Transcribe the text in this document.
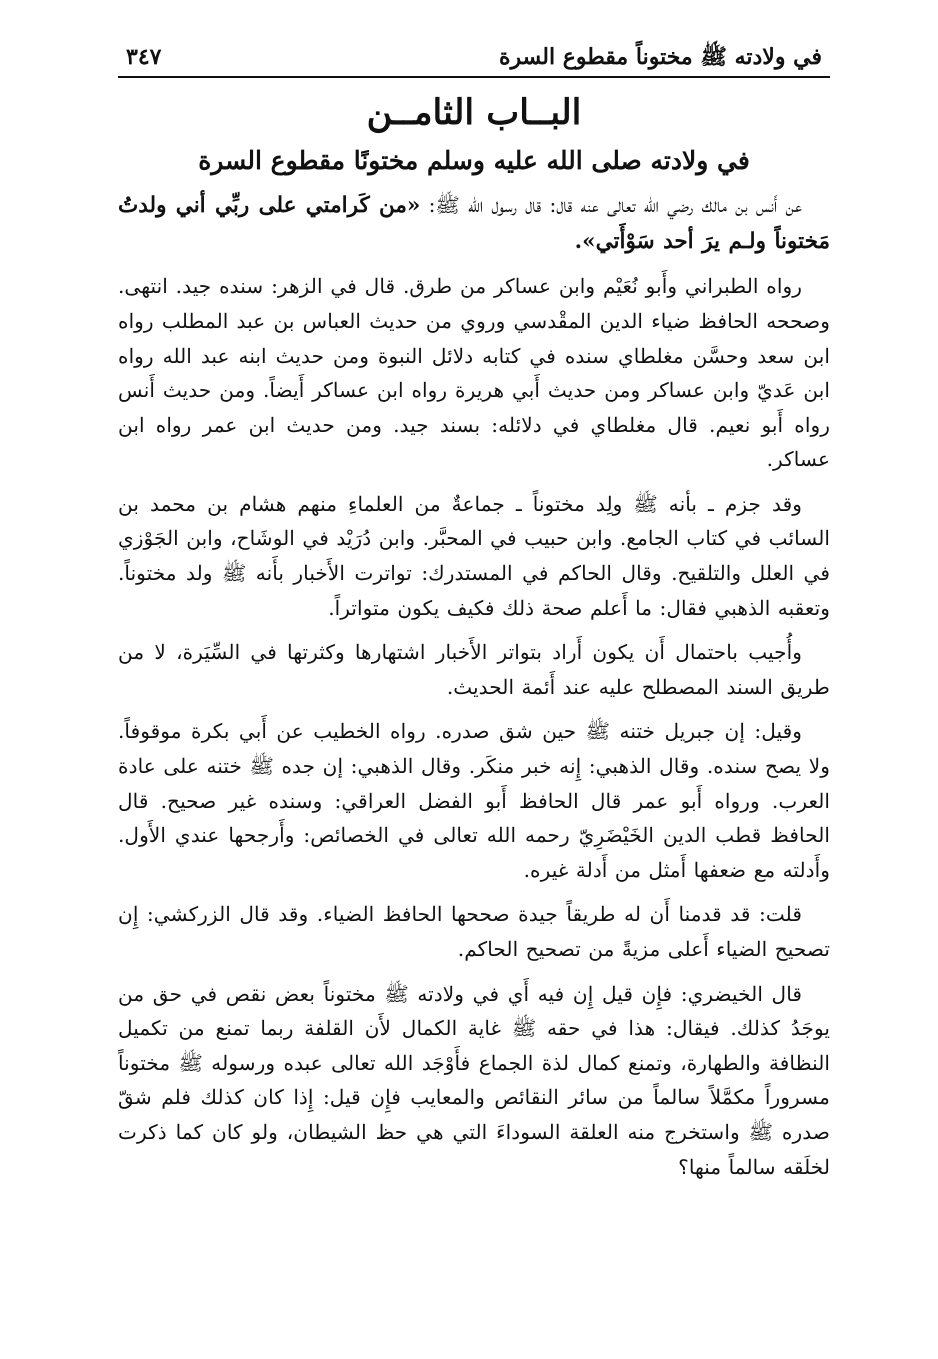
في ولادته ﷺ مختوناً مقطوع السرة
٣٤٧
البــاب الثامــن
في ولادته صلى الله عليه وسلم مختونًا مقطوع السرة

عن أَنس بن مالك رضي الله تعالى عنه قال: قال رسول الله ﷺ: «من كَرامتي على ربِّي أني ولدتُ مَختوناً ولـم يرَ أحد سَوْأَتي».

رواه الطبراني وأَبو نُعَيْم وابن عساكر من طرق. قال في الزهر: سنده جيد. انتهى. وصححه الحافظ ضياء الدين المقْدسي وروي من حديث العباس بن عبد المطلب رواه ابن سعد وحسَّن مغلطاي سنده في كتابه دلائل النبوة ومن حديث ابنه عبد الله رواه ابن عَديّ وابن عساكر ومن حديث أَبي هريرة رواه ابن عساكر أَيضاً. ومن حديث أَنس رواه أَبو نعيم. قال مغلطاي في دلائله: بسند جيد. ومن حديث ابن عمر رواه ابن عساكر.

وقد جزم ـ بأنه ﷺ ولِد مختوناً ـ جماعةٌ من العلماءِ منهم هشام بن محمد بن السائب في كتاب الجامع. وابن حبيب في المحبَّر. وابن دُرَيْد في الوشَاح، وابن الجَوْزي في العلل والتلقيح. وقال الحاكم في المستدرك: تواترت الأَخبار بأَنه ﷺ ولد مختوناً. وتعقبه الذهبي فقال: ما أَعلم صحة ذلك فكيف يكون متواتراً.

وأُجيب باحتمال أَن يكون أَراد بتواتر الأَخبار اشتهارها وكثرتها في السِّيَرة، لا من طريق السند المصطلح عليه عند أَئمة الحديث.

وقيل: إن جبريل ختنه ﷺ حين شق صدره. رواه الخطيب عن أَبي بكرة موقوفاً. ولا يصح سنده. وقال الذهبي: إِنه خبر منكَر. وقال الذهبي: إن جده ﷺ ختنه على عادة العرب. ورواه أَبو عمر قال الحافظ أَبو الفضل العراقي: وسنده غير صحيح. قال الحافظ قطب الدين الخَيْضَرِيّ رحمه الله تعالى في الخصائص: وأَرجحها عندي الأَول. وأَدلته مع ضعفها أَمثل من أَدلة غيره.

قلت: قد قدمنا أَن له طريقاً جيدة صححها الحافظ الضياء. وقد قال الزركشي: إِن تصحيح الضياء أَعلى مزيةً من تصحيح الحاكم.

قال الخيضري: فإِن قيل إِن فيه أَي في ولادته ﷺ مختوناً بعض نقص في حق من يوجَدُ كذلك. فيقال: هذا في حقه ﷺ غاية الكمال لأَن القلفة ربما تمنع من تكميل النظافة والطهارة، وتمنع كمال لذة الجماع فأَوْجَد الله تعالى عبده ورسوله ﷺ مختوناً مسروراً مكمَّلاً سالماً من سائر النقائص والمعايب فإِن قيل: إِذا كان كذلك فلم شقّ صدره ﷺ واستخرج منه العلقة السوداءَ التي هي حظ الشيطان، ولو كان كما ذكرت لخلَقه سالماً منها؟
